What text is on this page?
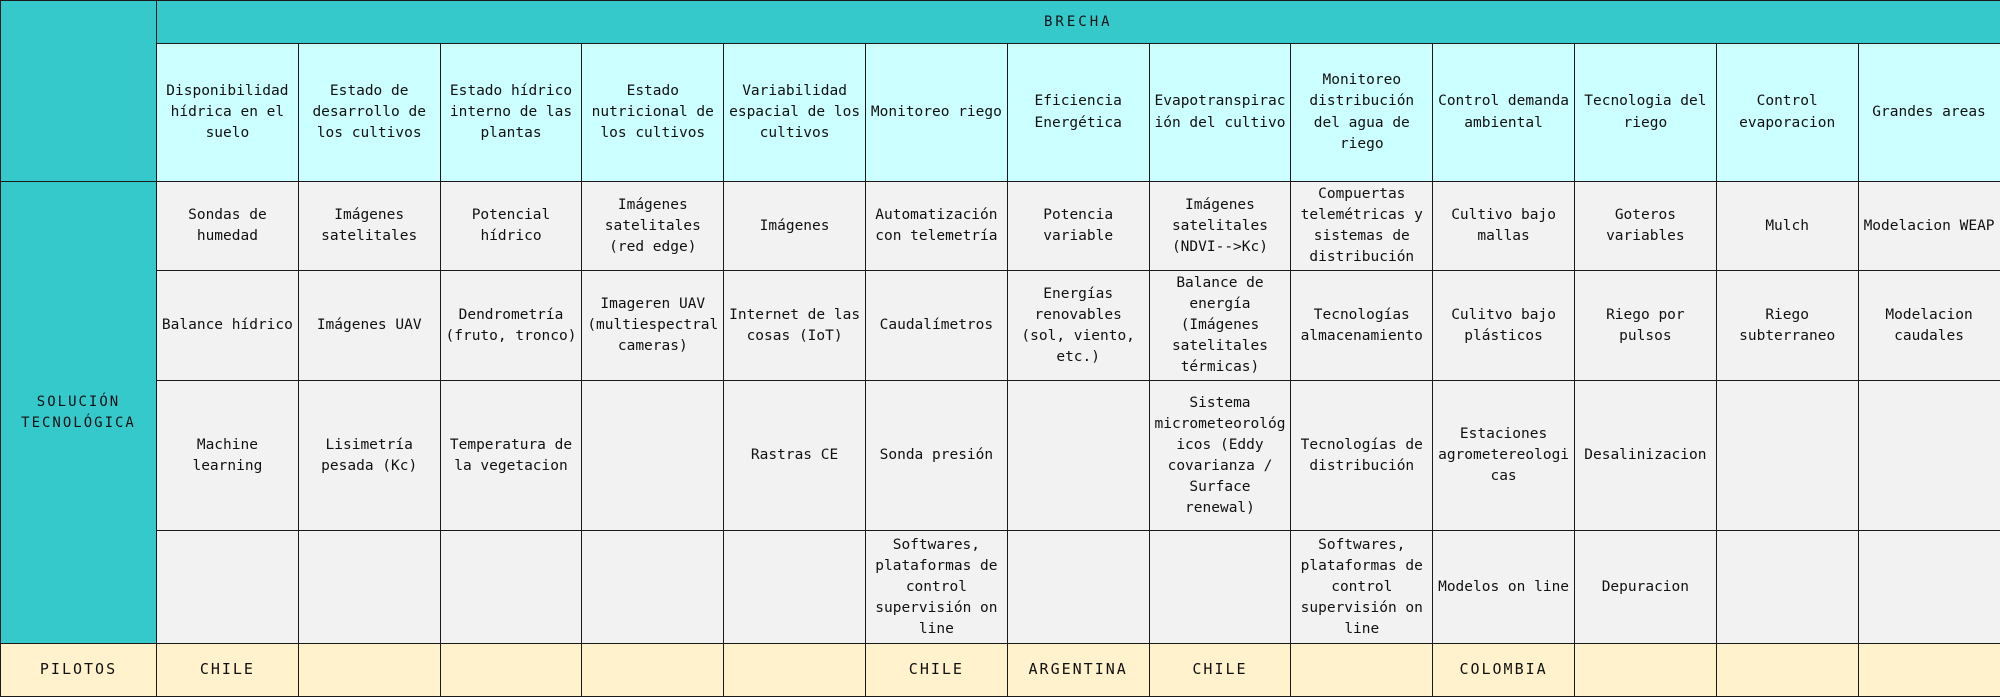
	BRECHA												
	Disponibilidad hídrica en el suelo	Estado de desarrollo de los cultivos	Estado hídrico interno de las plantas	Estado nutricional de los cultivos	Variabilidad espacial de los cultivos	Monitoreo riego	Eficiencia Energética	Evapotranspiración del cultivo	Monitoreo distribución del agua de riego	Control demanda ambiental	Tecnologia del riego	Control evaporacion	Grandes areas
SOLUCIÓN TECNOLÓGICA	Sondas de humedad	Imágenes satelitales	Potencial hídrico	Imágenes satelitales (red edge)	Imágenes	Automatización con telemetría	Potencia variable	Imágenes satelitales (NDVI-->Kc)	Compuertas telemétricas y sistemas de distribución	Cultivo bajo mallas	Goteros variables	Mulch	Modelacion WEAP
	Balance hídrico	Imágenes UAV	Dendrometría (fruto, tronco)	Imageren UAV (multiespectral cameras)	Internet de las cosas (IoT)	Caudalímetros	Energías renovables (sol, viento, etc.)	Balance de energía (Imágenes satelitales térmicas)	Tecnologías almacenamiento	Culitvo bajo plásticos	Riego por pulsos	Riego subterraneo	Modelacion caudales
	Machine learning	Lisimetría pesada (Kc)	Temperatura de la vegetacion		Rastras CE	Sonda presión		Sistema micrometeorológicos (Eddy covarianza / Surface renewal)	Tecnologías de distribución	Estaciones agrometereologicas	Desalinizacion		
						Softwares, plataformas de control supervisión on line			Softwares, plataformas de control supervisión on line	Modelos on line	Depuracion		
PILOTOS	CHILE					CHILE	ARGENTINA	CHILE		COLOMBIA			
